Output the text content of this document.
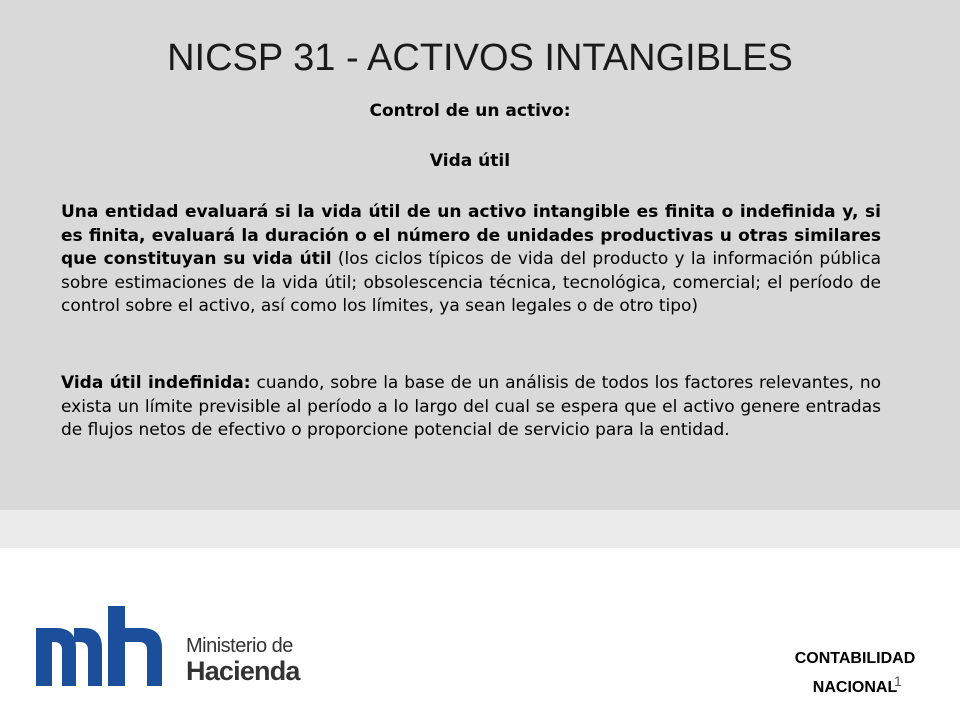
NICSP 31 - ACTIVOS INTANGIBLES

Control de un activo:

Vida útil

Una entidad evaluará si la vida útil de un activo intangible es finita o indefinida y, si es finita, evaluará la duración o el número de unidades productivas u otras similares que constituyan su vida útil (los ciclos típicos de vida del producto y la información pública sobre estimaciones de la vida útil; obsolescencia técnica, tecnológica, comercial; el período de control sobre el activo, así como los límites, ya sean legales o de otro tipo)

Vida útil indefinida: cuando, sobre la base de un análisis de todos los factores relevantes, no exista un límite previsible al período a lo largo del cual se espera que el activo genere entradas de flujos netos de efectivo o proporcione potencial de servicio para la entidad.

Ministerio de
Hacienda	CONTABILIDAD
NACIONAL
1
